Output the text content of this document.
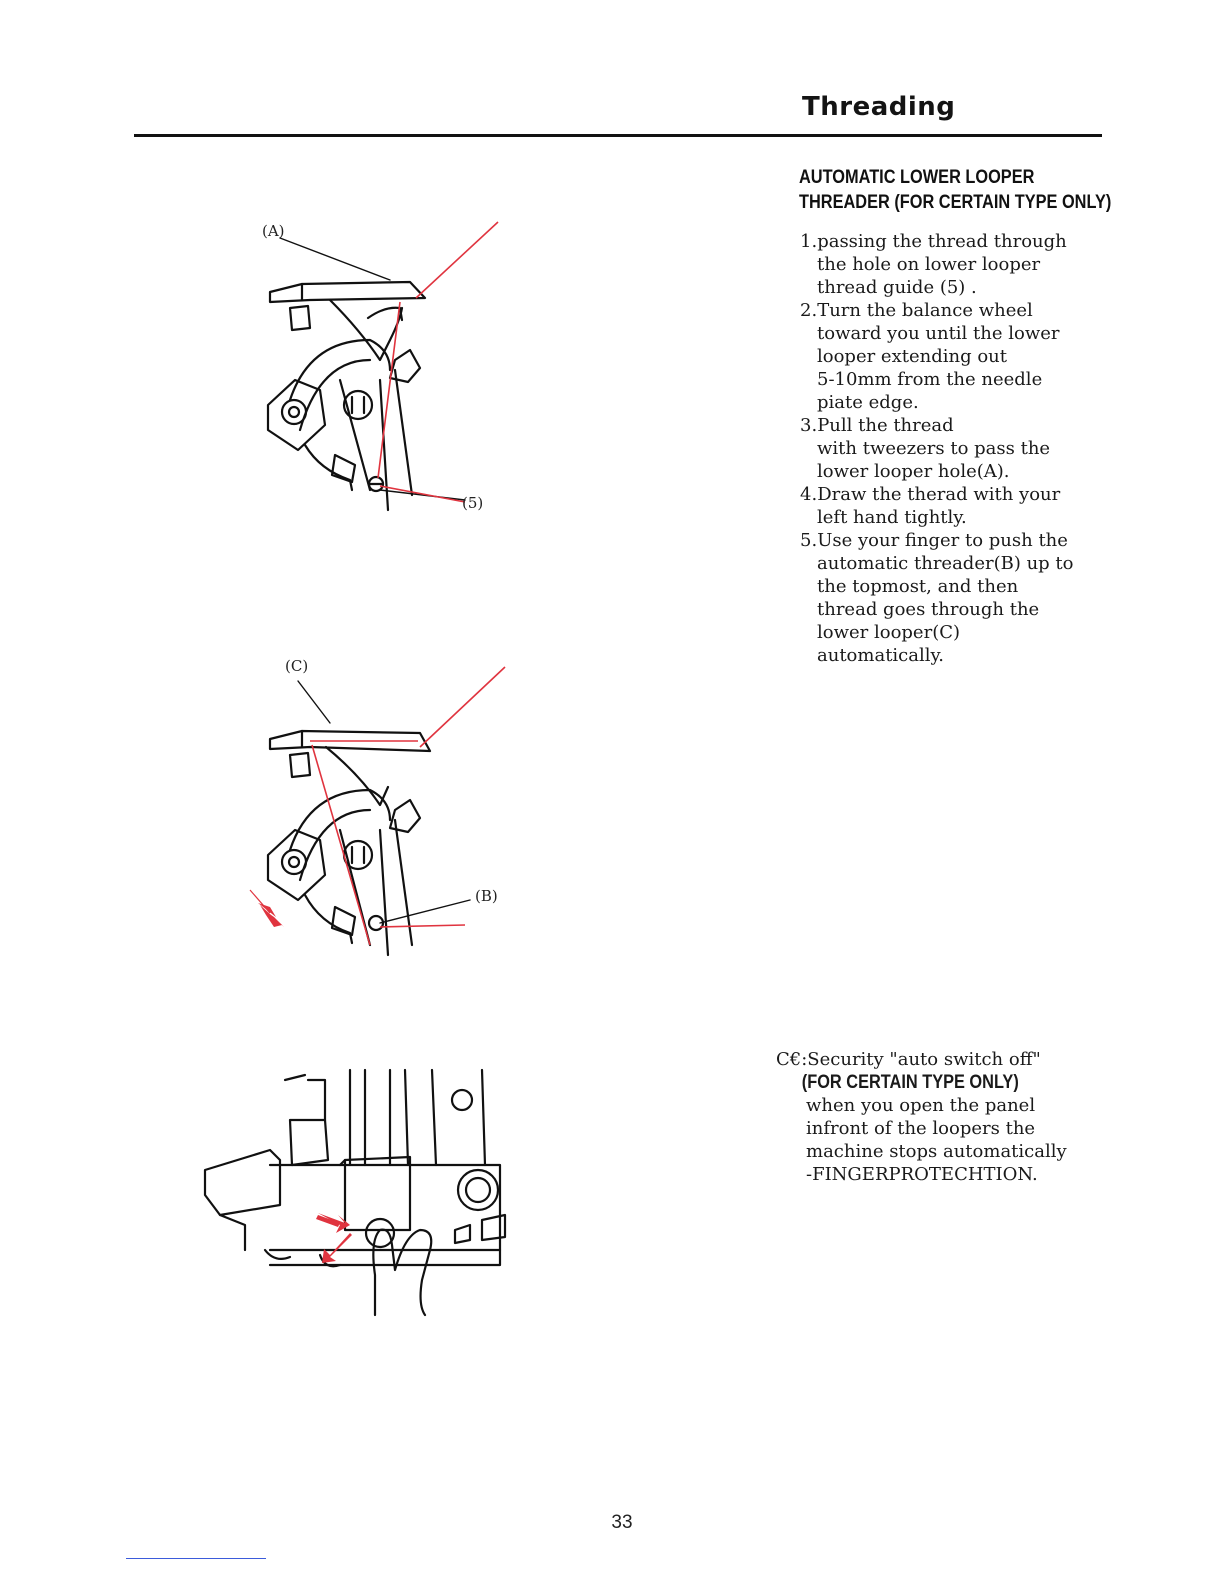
Threading
AUTOMATIC LOWER LOOPER
THREADER (FOR CERTAIN TYPE ONLY)
1.passing the thread through
the hole on lower looper
thread guide (5) .
2.Turn the balance wheel
toward you until the lower
looper extending out
5-10mm from the needle
piate edge.
3.Pull the thread
with tweezers to pass the
lower looper hole(A).
4.Draw the therad with your
left hand tightly.
5.Use your finger to push the
automatic threader(B) up to
the topmost, and then
thread goes through the
lower looper(C)
automatically.
C€:Security "auto switch off"
(FOR CERTAIN TYPE ONLY)
when you open the panel
infront of the loopers the
machine stops automatically
-FINGERPROTECHTION.
(A)
(5)
(C)
(B)
33
